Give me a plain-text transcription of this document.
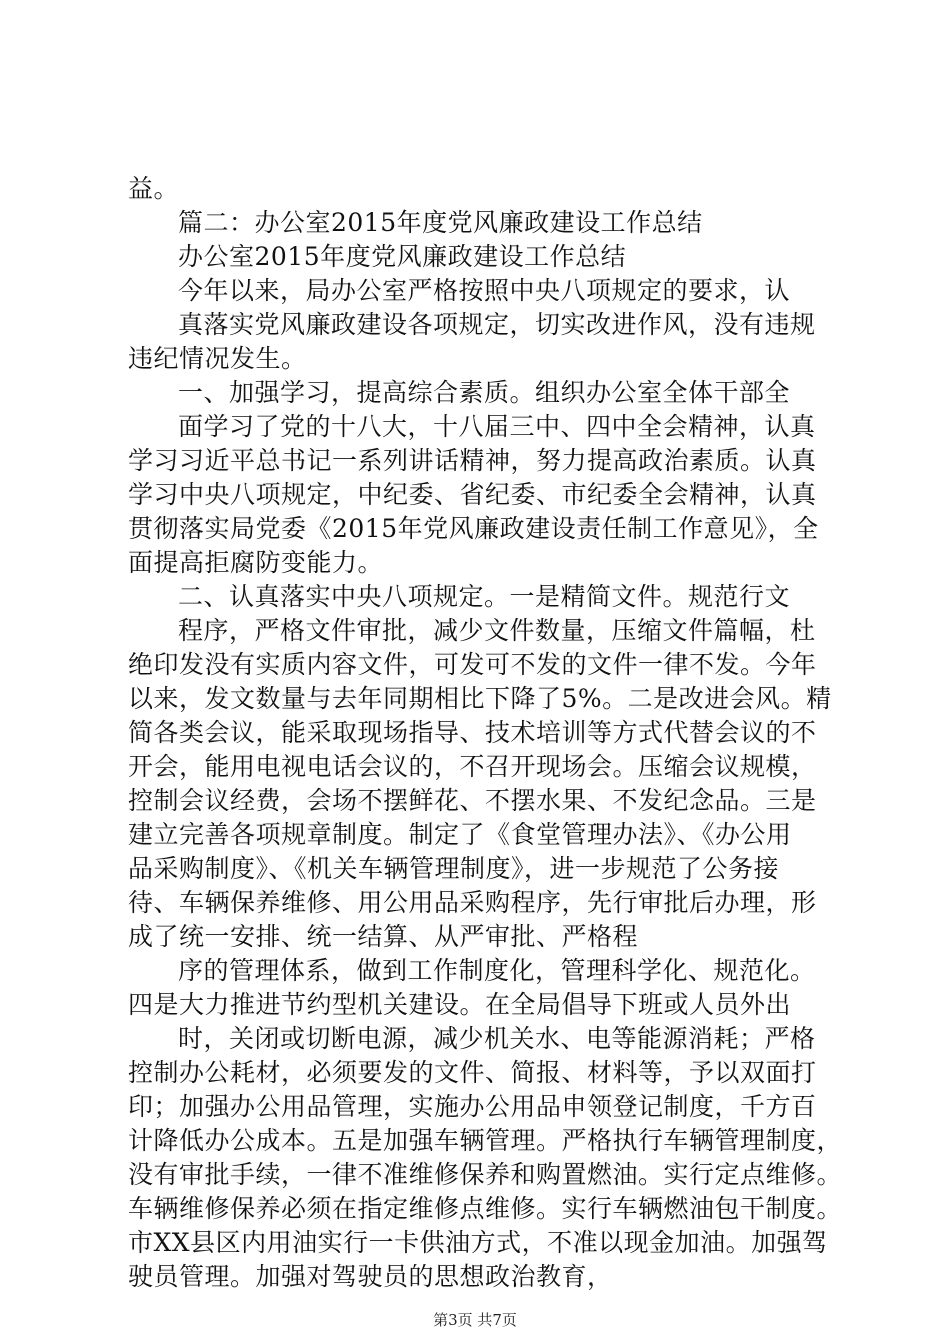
益。
篇二：办公室2015年度党风廉政建设工作总结
办公室2015年度党风廉政建设工作总结
今年以来，局办公室严格按照中央八项规定的要求，认
真落实党风廉政建设各项规定，切实改进作风，没有违规
违纪情况发生。
一、加强学习，提高综合素质。组织办公室全体干部全
面学习了党的十八大，十八届三中、四中全会精神，认真
学习习近平总书记一系列讲话精神，努力提高政治素质。认真
学习中央八项规定，中纪委、省纪委、市纪委全会精神，认真
贯彻落实局党委《2015年党风廉政建设责任制工作意见》，全
面提高拒腐防变能力。
二、认真落实中央八项规定。一是精简文件。规范行文
程序，严格文件审批，减少文件数量，压缩文件篇幅，杜
绝印发没有实质内容文件，可发可不发的文件一律不发。今年
以来，发文数量与去年同期相比下降了5%。二是改进会风。精
简各类会议，能采取现场指导、技术培训等方式代替会议的不
开会，能用电视电话会议的，不召开现场会。压缩会议规模，
控制会议经费，会场不摆鲜花、不摆水果、不发纪念品。三是
建立完善各项规章制度。制定了《食堂管理办法》、《办公用
品采购制度》、《机关车辆管理制度》，进一步规范了公务接
待、车辆保养维修、用公用品采购程序，先行审批后办理，形
成了统一安排、统一结算、从严审批、严格程
序的管理体系，做到工作制度化，管理科学化、规范化。
四是大力推进节约型机关建设。在全局倡导下班或人员外出
时，关闭或切断电源，减少机关水、电等能源消耗；严格
控制办公耗材，必须要发的文件、简报、材料等，予以双面打
印；加强办公用品管理，实施办公用品申领登记制度，千方百
计降低办公成本。五是加强车辆管理。严格执行车辆管理制度，
没有审批手续，一律不准维修保养和购置燃油。实行定点维修。
车辆维修保养必须在指定维修点维修。实行车辆燃油包干制度。
市XX县区内用油实行一卡供油方式，不准以现金加油。加强驾
驶员管理。加强对驾驶员的思想政治教育，
第3页 共7页
